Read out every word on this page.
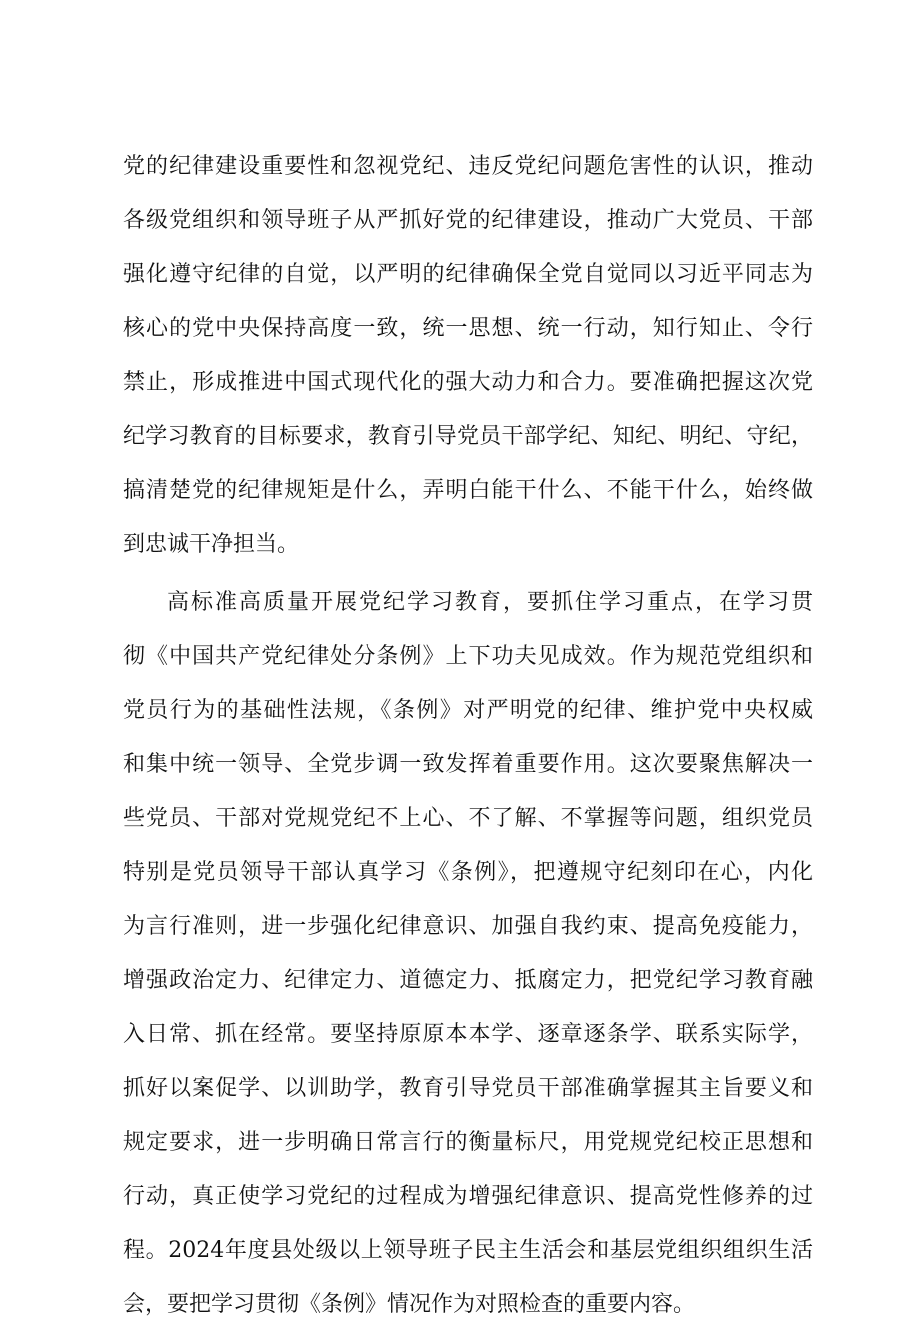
党的纪律建设重要性和忽视党纪、违反党纪问题危害性的认识，推动
各级党组织和领导班子从严抓好党的纪律建设，推动广大党员、干部
强化遵守纪律的自觉，以严明的纪律确保全党自觉同以习近平同志为
核心的党中央保持高度一致，统一思想、统一行动，知行知止、令行
禁止，形成推进中国式现代化的强大动力和合力。要准确把握这次党
纪学习教育的目标要求，教育引导党员干部学纪、知纪、明纪、守纪，
搞清楚党的纪律规矩是什么，弄明白能干什么、不能干什么，始终做
到忠诚干净担当。
高标准高质量开展党纪学习教育，要抓住学习重点，在学习贯
彻《中国共产党纪律处分条例》上下功夫见成效。作为规范党组织和
党员行为的基础性法规，《条例》对严明党的纪律、维护党中央权威
和集中统一领导、全党步调一致发挥着重要作用。这次要聚焦解决一
些党员、干部对党规党纪不上心、不了解、不掌握等问题，组织党员
特别是党员领导干部认真学习《条例》，把遵规守纪刻印在心，内化
为言行准则，进一步强化纪律意识、加强自我约束、提高免疫能力，
增强政治定力、纪律定力、道德定力、抵腐定力，把党纪学习教育融
入日常、抓在经常。要坚持原原本本学、逐章逐条学、联系实际学，
抓好以案促学、以训助学，教育引导党员干部准确掌握其主旨要义和
规定要求，进一步明确日常言行的衡量标尺，用党规党纪校正思想和
行动，真正使学习党纪的过程成为增强纪律意识、提高党性修养的过
程。2024年度县处级以上领导班子民主生活会和基层党组织组织生活
会，要把学习贯彻《条例》情况作为对照检查的重要内容。
